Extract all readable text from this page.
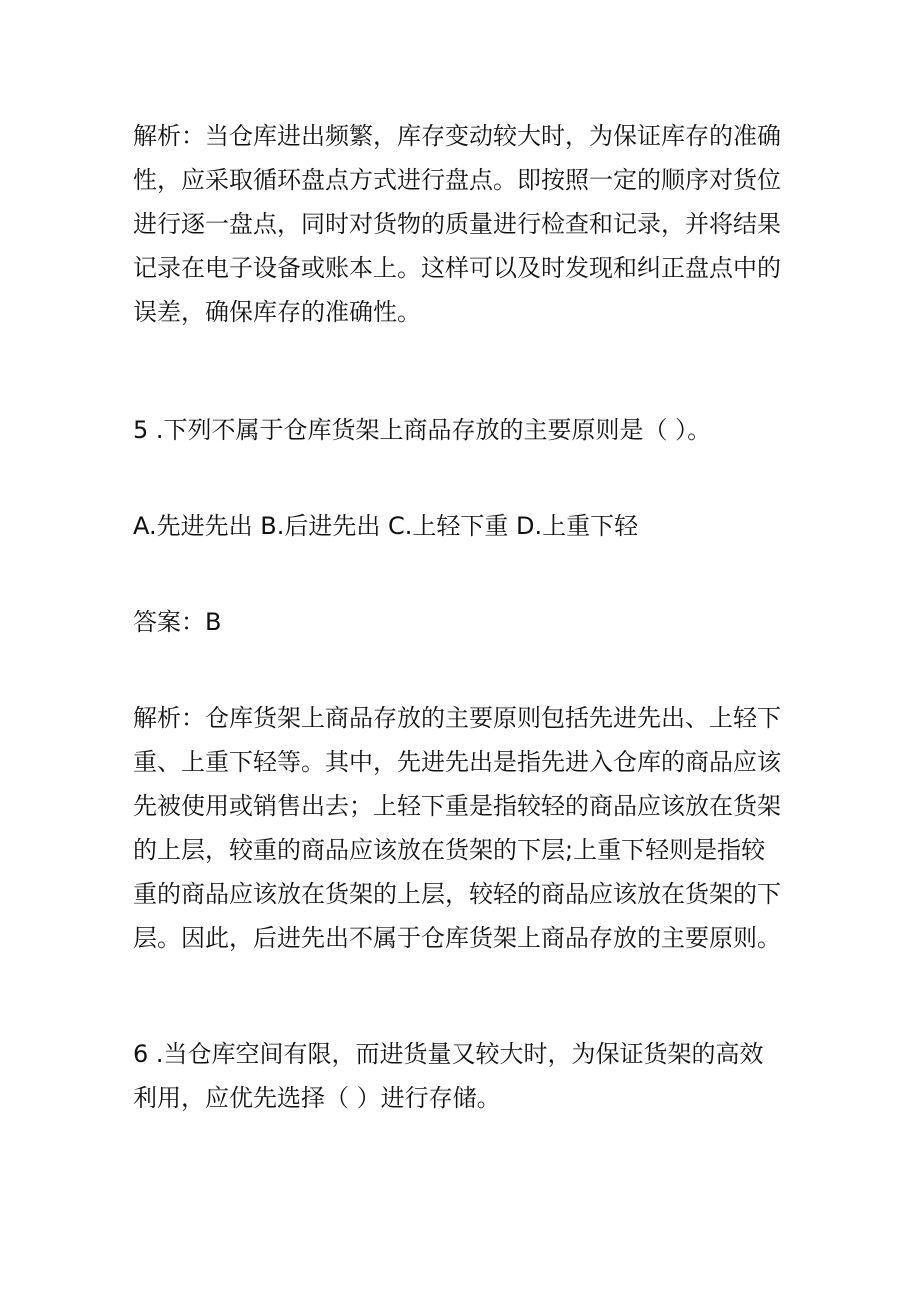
解析：当仓库进出频繁，库存变动较大时，为保证库存的准确
性，应采取循环盘点方式进行盘点。即按照一定的顺序对货位
进行逐一盘点，同时对货物的质量进行检查和记录，并将结果
记录在电子设备或账本上。这样可以及时发现和纠正盘点中的
误差，确保库存的准确性。

5 .下列不属于仓库货架上商品存放的主要原则是（ ）。

A.先进先出 B.后进先出 C.上轻下重 D.上重下轻

答案：B

解析：仓库货架上商品存放的主要原则包括先进先出、上轻下
重、上重下轻等。其中，先进先出是指先进入仓库的商品应该
先被使用或销售出去；上轻下重是指较轻的商品应该放在货架
的上层，较重的商品应该放在货架的下层;上重下轻则是指较
重的商品应该放在货架的上层，较轻的商品应该放在货架的下
层。因此，后进先出不属于仓库货架上商品存放的主要原则。

6 .当仓库空间有限，而进货量又较大时，为保证货架的高效
利用，应优先选择（ ）进行存储。
